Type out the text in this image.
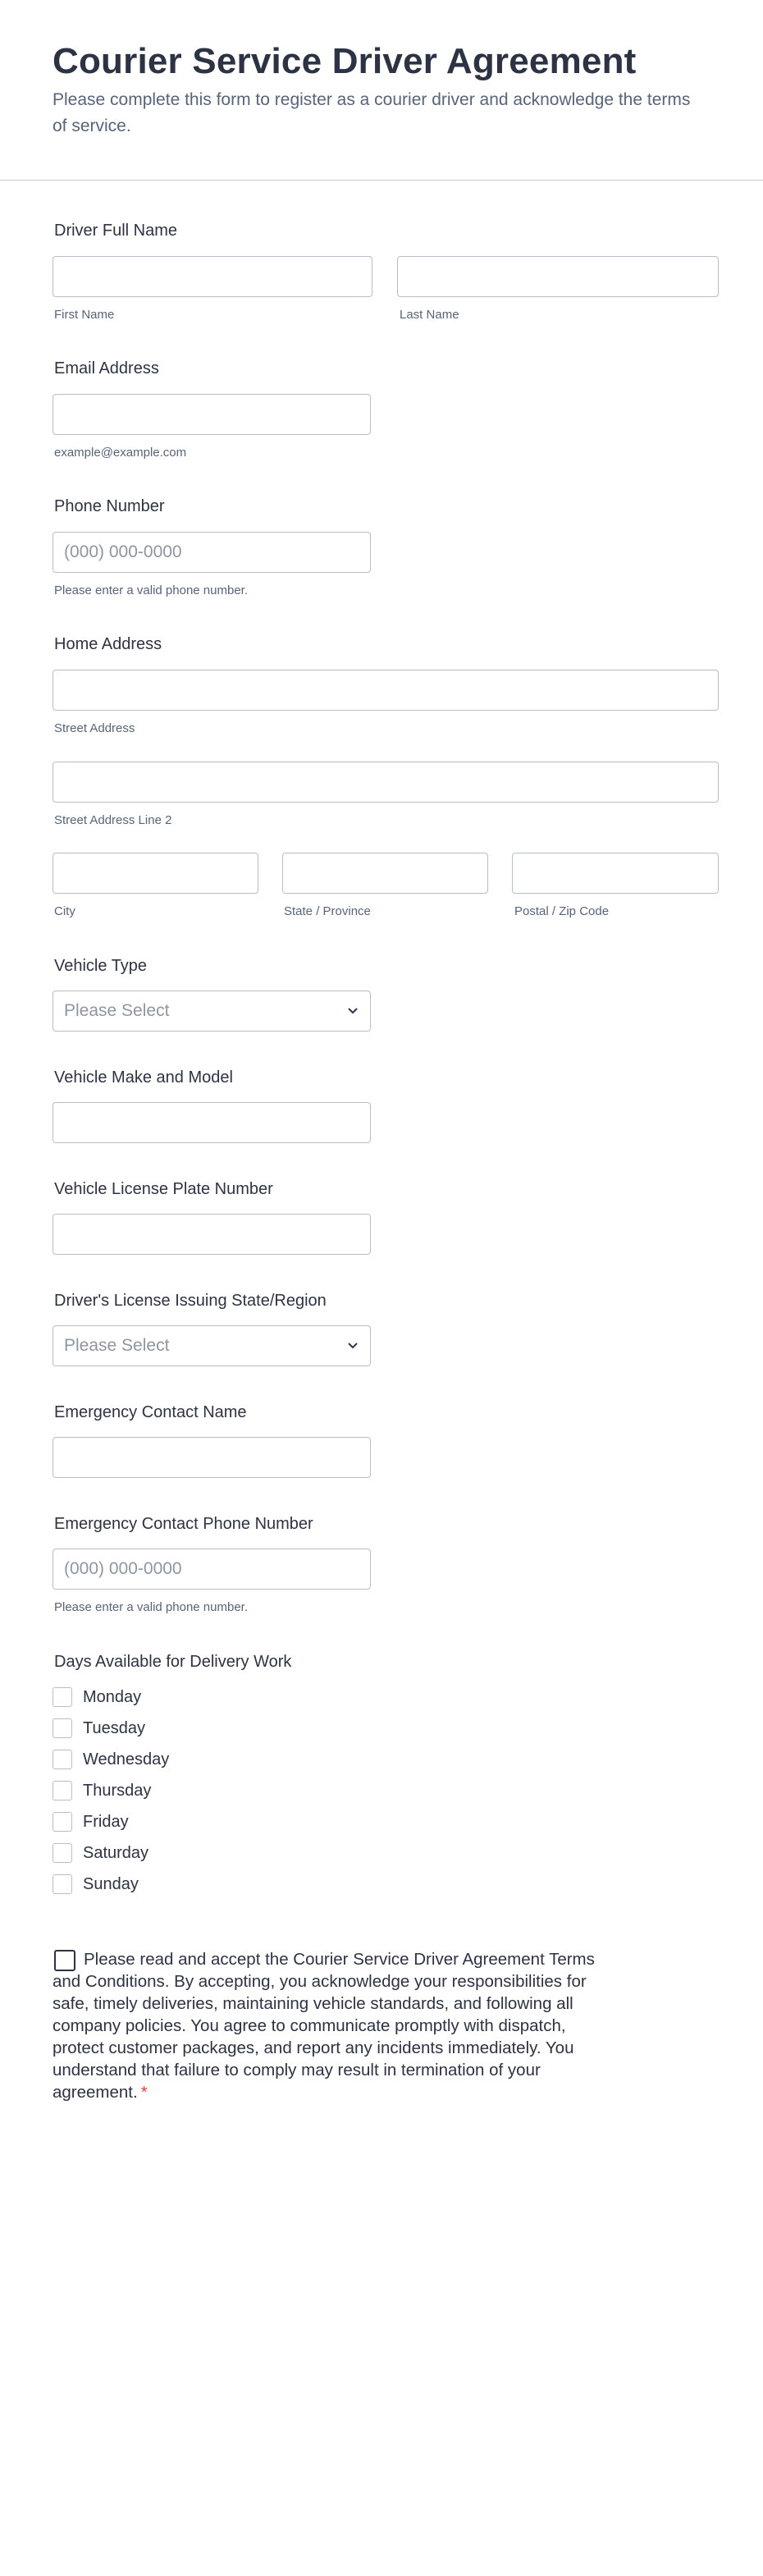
Courier Service Driver Agreement
Please complete this form to register as a courier driver and acknowledge the terms of service.
Driver Full Name
First Name	Last Name
Email Address
example@example.com
Phone Number
(000) 000-0000
Please enter a valid phone number.
Home Address
Street Address
Street Address Line 2
City	State / Province	Postal / Zip Code
Vehicle Type
Please Select
Vehicle Make and Model
Vehicle License Plate Number
Driver's License Issuing State/Region
Please Select
Emergency Contact Name
Emergency Contact Phone Number
(000) 000-0000
Please enter a valid phone number.
Days Available for Delivery Work
Monday
Tuesday
Wednesday
Thursday
Friday
Saturday
Sunday
Please read and accept the Courier Service Driver Agreement Terms and Conditions. By accepting, you acknowledge your responsibilities for safe, timely deliveries, maintaining vehicle standards, and following all company policies. You agree to communicate promptly with dispatch, protect customer packages, and report any incidents immediately. You understand that failure to comply may result in termination of your agreement. *
